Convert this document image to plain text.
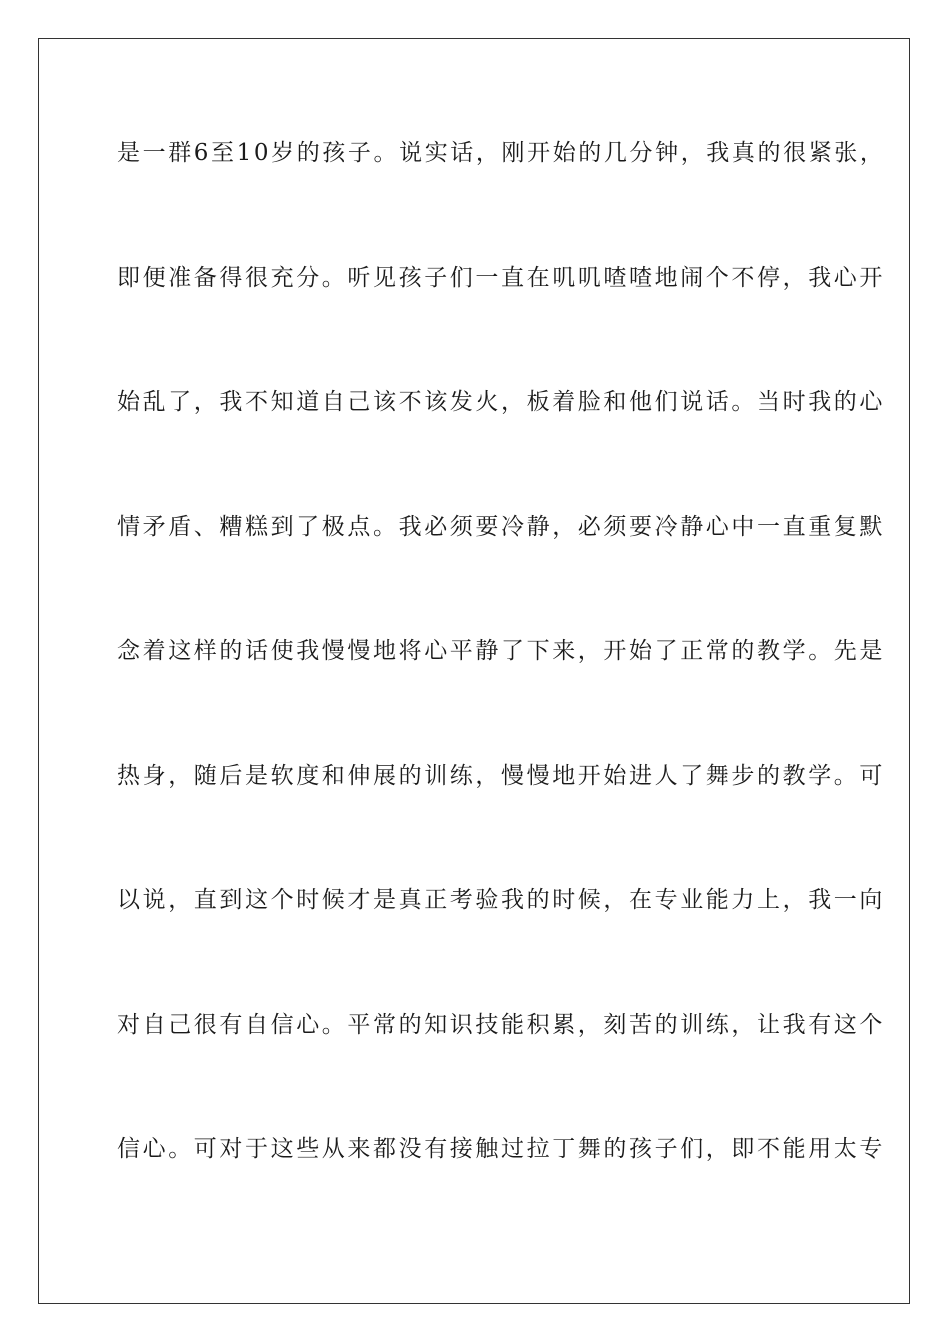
是一群6至10岁的孩子。说实话，刚开始的几分钟，我真的很紧张，
即便准备得很充分。听见孩子们一直在叽叽喳喳地闹个不停，我心开
始乱了，我不知道自己该不该发火，板着脸和他们说话。当时我的心
情矛盾、糟糕到了极点。我必须要冷静，必须要冷静心中一直重复默
念着这样的话使我慢慢地将心平静了下来，开始了正常的教学。先是
热身，随后是软度和伸展的训练，慢慢地开始进人了舞步的教学。可
以说，直到这个时候才是真正考验我的时候，在专业能力上，我一向
对自己很有自信心。平常的知识技能积累，刻苦的训练，让我有这个
信心。可对于这些从来都没有接触过拉丁舞的孩子们，即不能用太专
